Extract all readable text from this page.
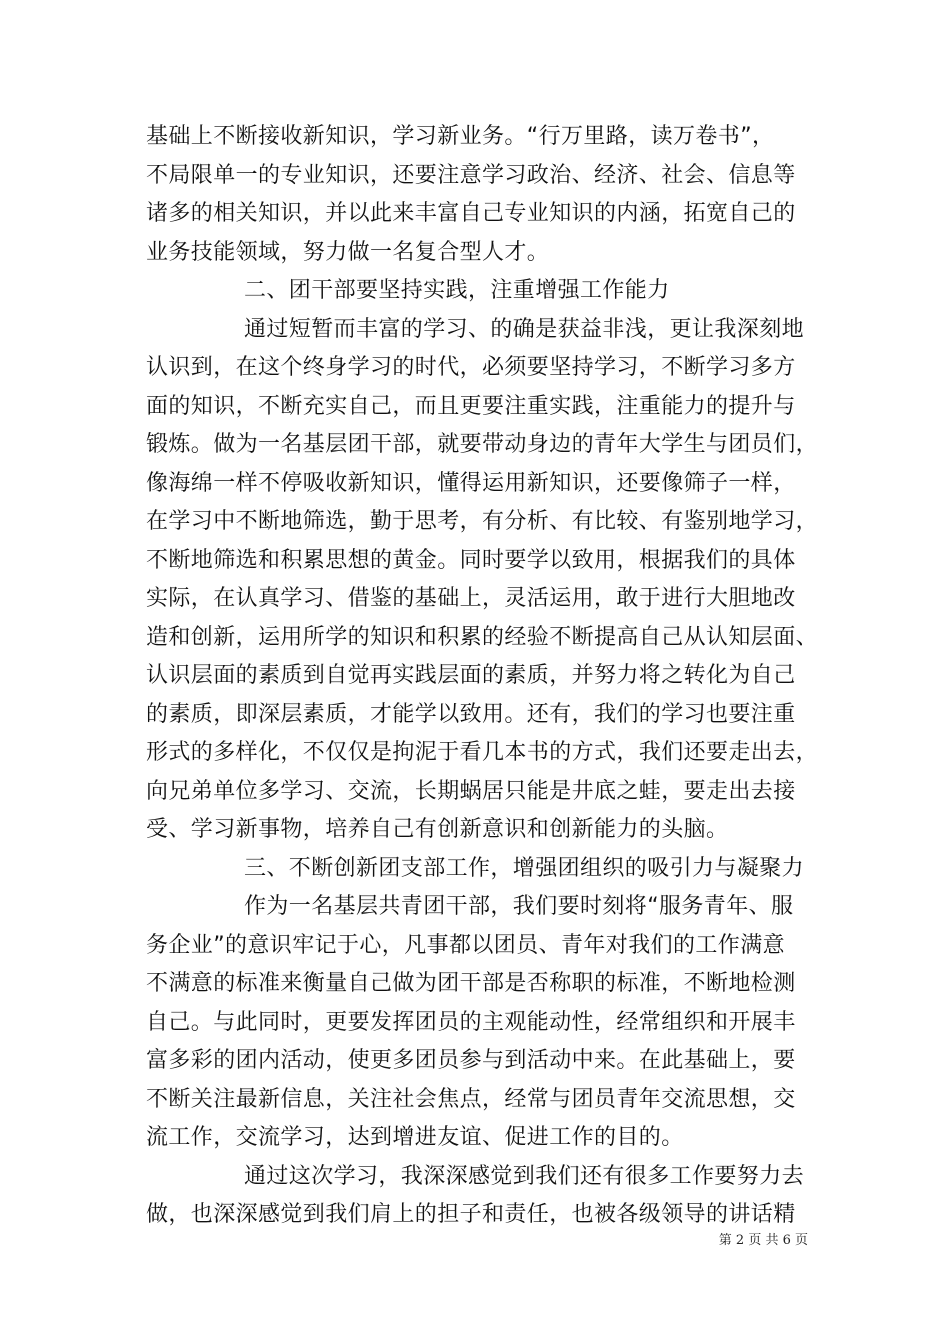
基础上不断接收新知识，学习新业务。“行万里路，读万卷书”，
不局限单一的专业知识，还要注意学习政治、经济、社会、信息等
诸多的相关知识，并以此来丰富自己专业知识的内涵，拓宽自己的
业务技能领域，努力做一名复合型人才。
二、团干部要坚持实践，注重增强工作能力
通过短暂而丰富的学习、的确是获益非浅，更让我深刻地
认识到，在这个终身学习的时代，必须要坚持学习，不断学习多方
面的知识，不断充实自己，而且更要注重实践，注重能力的提升与
锻炼。做为一名基层团干部，就要带动身边的青年大学生与团员们，
像海绵一样不停吸收新知识，懂得运用新知识，还要像筛子一样，
在学习中不断地筛选，勤于思考，有分析、有比较、有鉴别地学习，
不断地筛选和积累思想的黄金。同时要学以致用，根据我们的具体
实际，在认真学习、借鉴的基础上，灵活运用，敢于进行大胆地改
造和创新，运用所学的知识和积累的经验不断提高自己从认知层面、
认识层面的素质到自觉再实践层面的素质，并努力将之转化为自己
的素质，即深层素质，才能学以致用。还有，我们的学习也要注重
形式的多样化，不仅仅是拘泥于看几本书的方式，我们还要走出去，
向兄弟单位多学习、交流，长期蜗居只能是井底之蛙，要走出去接
受、学习新事物，培养自己有创新意识和创新能力的头脑。
三、不断创新团支部工作，增强团组织的吸引力与凝聚力
作为一名基层共青团干部，我们要时刻将“服务青年、服
务企业”的意识牢记于心，凡事都以团员、青年对我们的工作满意
不满意的标准来衡量自己做为团干部是否称职的标准，不断地检测
自己。与此同时，更要发挥团员的主观能动性，经常组织和开展丰
富多彩的团内活动，使更多团员参与到活动中来。在此基础上，要
不断关注最新信息，关注社会焦点，经常与团员青年交流思想，交
流工作，交流学习，达到增进友谊、促进工作的目的。
通过这次学习，我深深感觉到我们还有很多工作要努力去
做，也深深感觉到我们肩上的担子和责任，也被各级领导的讲话精
第 2 页 共 6 页
